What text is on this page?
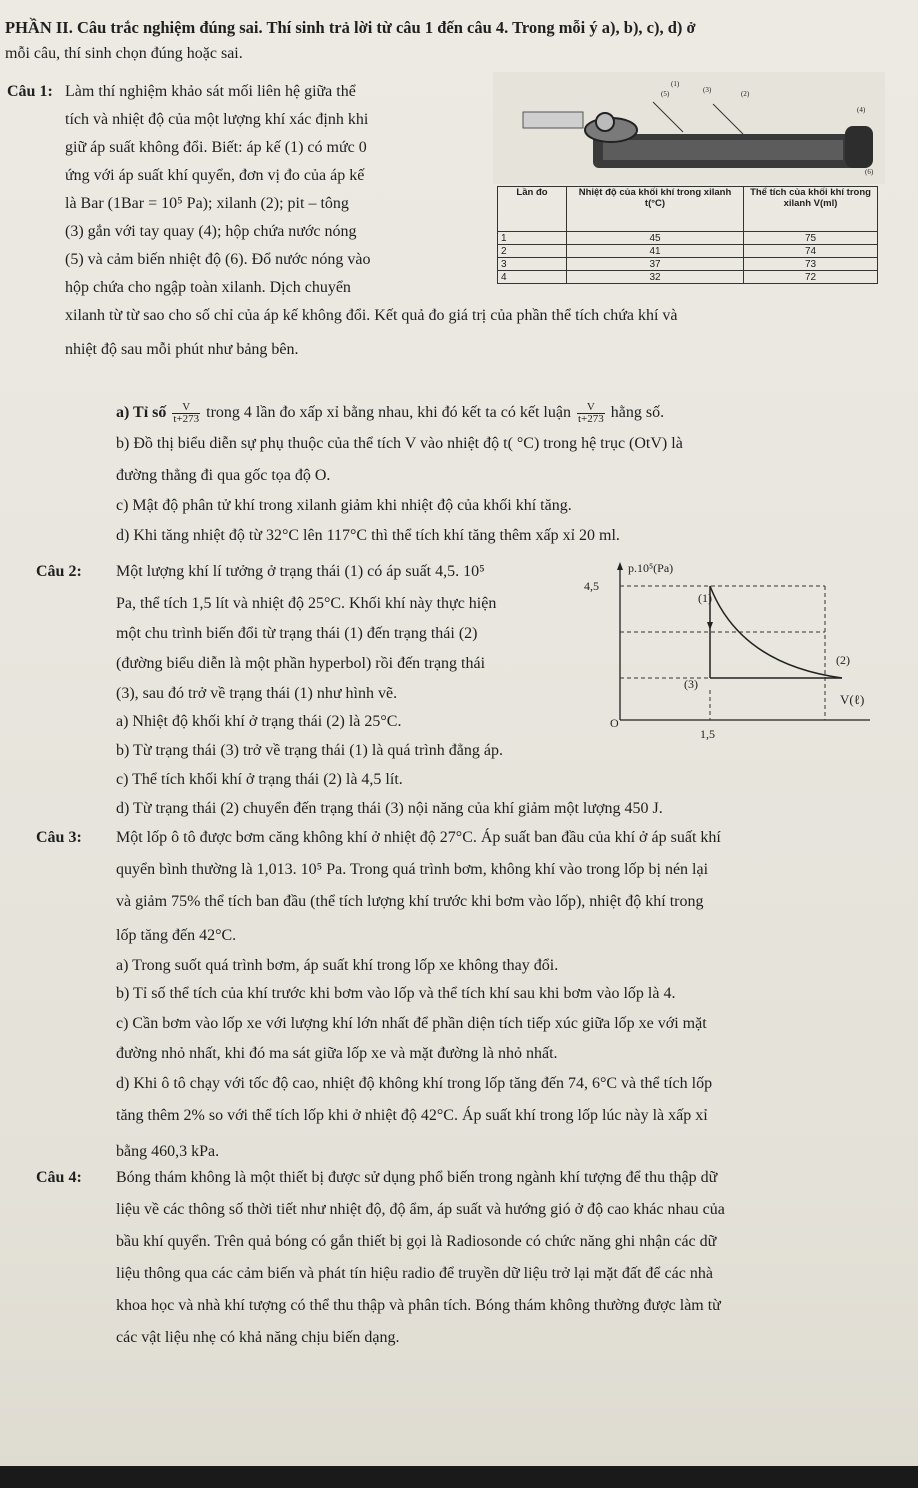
PHẦN II. Câu trắc nghiệm đúng sai. Thí sinh trả lời từ câu 1 đến câu 4. Trong mỗi ý a), b), c), d) ở
mỗi câu, thí sinh chọn đúng hoặc sai.
Câu 1: Làm thí nghiệm khảo sát mối liên hệ giữa thể
tích và nhiệt độ của một lượng khí xác định khi
giữ áp suất không đổi. Biết: áp kế (1) có mức 0
ứng với áp suất khí quyển, đơn vị đo của áp kế
là Bar (1Bar = 10⁵ Pa); xilanh (2); pit – tông
(3) gắn với tay quay (4); hộp chứa nước nóng
(5) và cảm biến nhiệt độ (6). Đổ nước nóng vào
hộp chứa cho ngập toàn xilanh. Dịch chuyển
xilanh từ từ sao cho số chỉ của áp kế không đổi. Kết quả đo giá trị của phần thể tích chứa khí và
nhiệt độ sau mỗi phút như bảng bên.
(1)
(2)
(3)
(4)
(5)
(6)
Lần đo	Nhiệt độ của khối khí trong xilanh t(°C)	Thể tích của khối khí trong xilanh V(ml)
1	45	75
2	41	74
3	37	73
4	32	72
a) Tỉ số $\frac{V}{t+273}$ trong 4 lần đo xấp xỉ bằng nhau, khi đó kết ta có kết luận $\frac{V}{t+273}$ hằng số.
b) Đồ thị biểu diễn sự phụ thuộc của thể tích V vào nhiệt độ t( °C) trong hệ trục (OtV) là
đường thẳng đi qua gốc tọa độ O.
c) Mật độ phân tử khí trong xilanh giảm khi nhiệt độ của khối khí tăng.
d) Khi tăng nhiệt độ từ 32°C lên 117°C thì thể tích khí tăng thêm xấp xỉ 20 ml.
Câu 2: Một lượng khí lí tưởng ở trạng thái (1) có áp suất 4,5. 10⁵
Pa, thể tích 1,5 lít và nhiệt độ 25°C. Khối khí này thực hiện
một chu trình biến đổi từ trạng thái (1) đến trạng thái (2)
(đường biểu diễn là một phần hyperbol) rồi đến trạng thái
(3), sau đó trở về trạng thái (1) như hình vẽ.
a) Nhiệt độ khối khí ở trạng thái (2) là 25°C.
b) Từ trạng thái (3) trở về trạng thái (1) là quá trình đẳng áp.
c) Thể tích khối khí ở trạng thái (2) là 4,5 lít.
d) Từ trạng thái (2) chuyển đến trạng thái (3) nội năng của khí giảm một lượng 450 J.
p.10⁵(Pa)
V(ℓ)
4,5
1,5
O
(1)
(2)
(3)
Câu 3: Một lốp ô tô được bơm căng không khí ở nhiệt độ 27°C. Áp suất ban đầu của khí ở áp suất khí
quyển bình thường là 1,013. 10⁵ Pa. Trong quá trình bơm, không khí vào trong lốp bị nén lại
và giảm 75% thể tích ban đầu (thể tích lượng khí trước khi bơm vào lốp), nhiệt độ khí trong
lốp tăng đến 42°C.
a) Trong suốt quá trình bơm, áp suất khí trong lốp xe không thay đổi.
b) Tỉ số thể tích của khí trước khi bơm vào lốp và thể tích khí sau khi bơm vào lốp là 4.
c) Cần bơm vào lốp xe với lượng khí lớn nhất để phần diện tích tiếp xúc giữa lốp xe với mặt
đường nhỏ nhất, khi đó ma sát giữa lốp xe và mặt đường là nhỏ nhất.
d) Khi ô tô chạy với tốc độ cao, nhiệt độ không khí trong lốp tăng đến 74, 6°C và thể tích lốp
tăng thêm 2% so với thể tích lốp khi ở nhiệt độ 42°C. Áp suất khí trong lốp lúc này là xấp xỉ
bằng 460,3 kPa.
Câu 4: Bóng thám không là một thiết bị được sử dụng phổ biến trong ngành khí tượng để thu thập dữ
liệu về các thông số thời tiết như nhiệt độ, độ ẩm, áp suất và hướng gió ở độ cao khác nhau của
bầu khí quyển. Trên quả bóng có gắn thiết bị gọi là Radiosonde có chức năng ghi nhận các dữ
liệu thông qua các cảm biến và phát tín hiệu radio để truyền dữ liệu trở lại mặt đất để các nhà
khoa học và nhà khí tượng có thể thu thập và phân tích. Bóng thám không thường được làm từ
các vật liệu nhẹ có khả năng chịu biến dạng.
